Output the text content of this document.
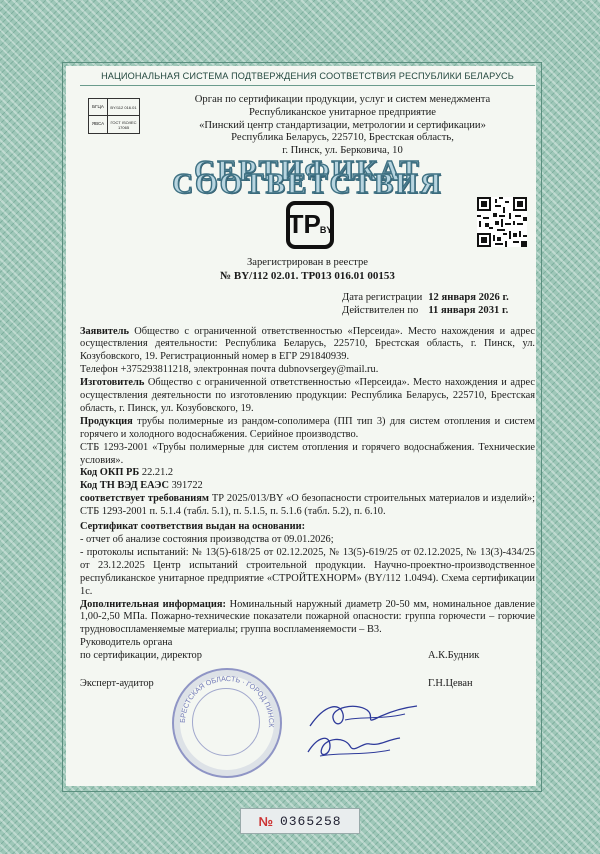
НАЦИОНАЛЬНАЯ СИСТЕМА ПОДТВЕРЖДЕНИЯ СООТВЕТСТВИЯ РЕСПУБЛИКИ БЕЛАРУСЬ
БГЦА	BY/112 016.01
ЯВСА	ГОСТ ISO/IEC 17065
Орган по сертификации продукции, услуг и систем менеджмента
Республиканское унитарное предприятие
«Пинский центр стандартизации, метрологии и сертификации»
Республика Беларусь, 225710, Брестская область,
г. Пинск, ул. Берковича, 10
СЕРТИФИКАТ СООТВЕТСТВИЯ
TP BY
Зарегистрирован в реестре
№ BY/112 02.01. ТР013 016.01 00153
Дата регистрации 12 января 2026 г.
Действителен по 11 января 2031 г.

Заявитель Общество с ограниченной ответственностью «Персеида». Место нахождения и адрес осуществления деятельности: Республика Беларусь, 225710, Брестская область, г. Пинск, ул. Козубовского, 19. Регистрационный номер в ЕГР 291840939.

Телефон +375293811218, электронная почта dubnovsergey@mail.ru.

Изготовитель Общество с ограниченной ответственностью «Персеида». Место нахождения и адрес осуществления деятельности по изготовлению продукции: Республика Беларусь, 225710, Брестская область, г. Пинск, ул. Козубовского, 19.

Продукция трубы полимерные из рандом-сополимера (ПП тип 3) для систем отопления и систем горячего и холодного водоснабжения. Серийное производство.

СТБ 1293-2001 «Трубы полимерные для систем отопления и горячего водоснабжения. Технические условия».

Код ОКП РБ 22.21.2

Код ТН ВЭД ЕАЭС 391722

соответствует требованиям ТР 2025/013/BY «О безопасности строительных материалов и изделий»; СТБ 1293-2001 п. 5.1.4 (табл. 5.1), п. 5.1.5, п. 5.1.6 (табл. 5.2), п. 6.10.

Сертификат соответствия выдан на основании:

- отчет об анализе состояния производства от 09.01.2026;

- протоколы испытаний: № 13(5)-618/25 от 02.12.2025, № 13(5)-619/25 от 02.12.2025, № 13(3)-434/25 от 23.12.2025 Центр испытаний строительной продукции. Научно-проектно-производственное республиканское унитарное предприятие «СТРОЙТЕХНОРМ» (BY/112 1.0494). Схема сертификации 1с.

Дополнительная информация: Номинальный наружный диаметр 20-50 мм, номинальное давление 1,00-2,50 МПа. Пожарно-технические показатели пожарной опасности: группа горючести – горючие трудновоспламеняемые материалы; группа воспламеняемости – В3.

Руководитель органа

по сертификации, директор	А.К.Будник

Эксперт-аудитор	Г.Н.Цеван

БРЕСТСКАЯ ОБЛАСТЬ · ГОРОД ПИНСК
№ 0365258
